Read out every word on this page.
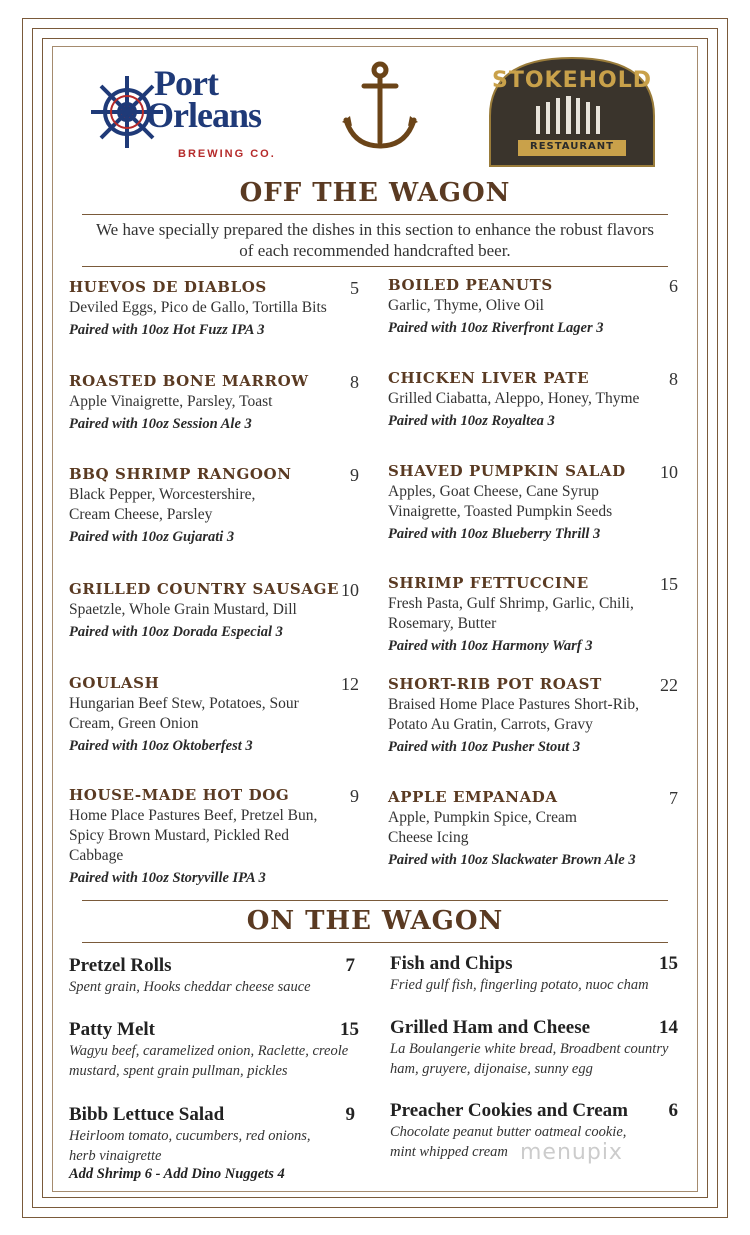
Port
Orleans
BREWING CO.
STOKEHOLD
RESTAURANT
OFF THE WAGON
We have specially prepared the dishes in this section to enhance the robust flavors of each recommended handcrafted beer.
HUEVOS DE DIABLOS	5
Deviled Eggs, Pico de Gallo, Tortilla Bits
Paired with 10oz Hot Fuzz IPA 3
ROASTED BONE MARROW	8
Apple Vinaigrette, Parsley, Toast
Paired with 10oz Session Ale 3
BBQ SHRIMP RANGOON	9
Black Pepper, Worcestershire, Cream Cheese, Parsley
Paired with 10oz Gujarati 3
GRILLED COUNTRY SAUSAGE 10
Spaetzle, Whole Grain Mustard, Dill
Paired with 10oz Dorada Especial 3
GOULASH	12
Hungarian Beef Stew, Potatoes, Sour Cream, Green Onion
Paired with 10oz Oktoberfest 3
HOUSE-MADE HOT DOG	9
Home Place Pastures Beef, Pretzel Bun, Spicy Brown Mustard, Pickled Red Cabbage
Paired with 10oz Storyville IPA 3
BOILED PEANUTS	6
Garlic, Thyme, Olive Oil
Paired with 10oz Riverfront Lager 3
CHICKEN LIVER PATE	8
Grilled Ciabatta, Aleppo, Honey, Thyme
Paired with 10oz Royaltea 3
SHAVED PUMPKIN SALAD	10
Apples, Goat Cheese, Cane Syrup Vinaigrette, Toasted Pumpkin Seeds
Paired with 10oz Blueberry Thrill 3
SHRIMP FETTUCCINE	15
Fresh Pasta, Gulf Shrimp, Garlic, Chili, Rosemary, Butter
Paired with 10oz Harmony Warf 3
SHORT-RIB POT ROAST	22
Braised Home Place Pastures Short-Rib, Potato Au Gratin, Carrots, Gravy
Paired with 10oz Pusher Stout 3
APPLE EMPANADA	7
Apple, Pumpkin Spice, Cream Cheese Icing
Paired with 10oz Slackwater Brown Ale 3
ON THE WAGON
Pretzel Rolls	7
Spent grain, Hooks cheddar cheese sauce
Patty Melt	15
Wagyu beef, caramelized onion, Raclette, creole mustard, spent grain pullman, pickles
Bibb Lettuce Salad	9
Heirloom tomato, cucumbers, red onions, herb vinaigrette
Add Shrimp 6 - Add Dino Nuggets 4
Fish and Chips	15
Fried gulf fish, fingerling potato, nuoc cham
Grilled Ham and Cheese	14
La Boulangerie white bread, Broadbent country ham, gruyere, dijonaise, sunny egg
Preacher Cookies and Cream	6
Chocolate peanut butter oatmeal cookie, mint whipped cream menupix
